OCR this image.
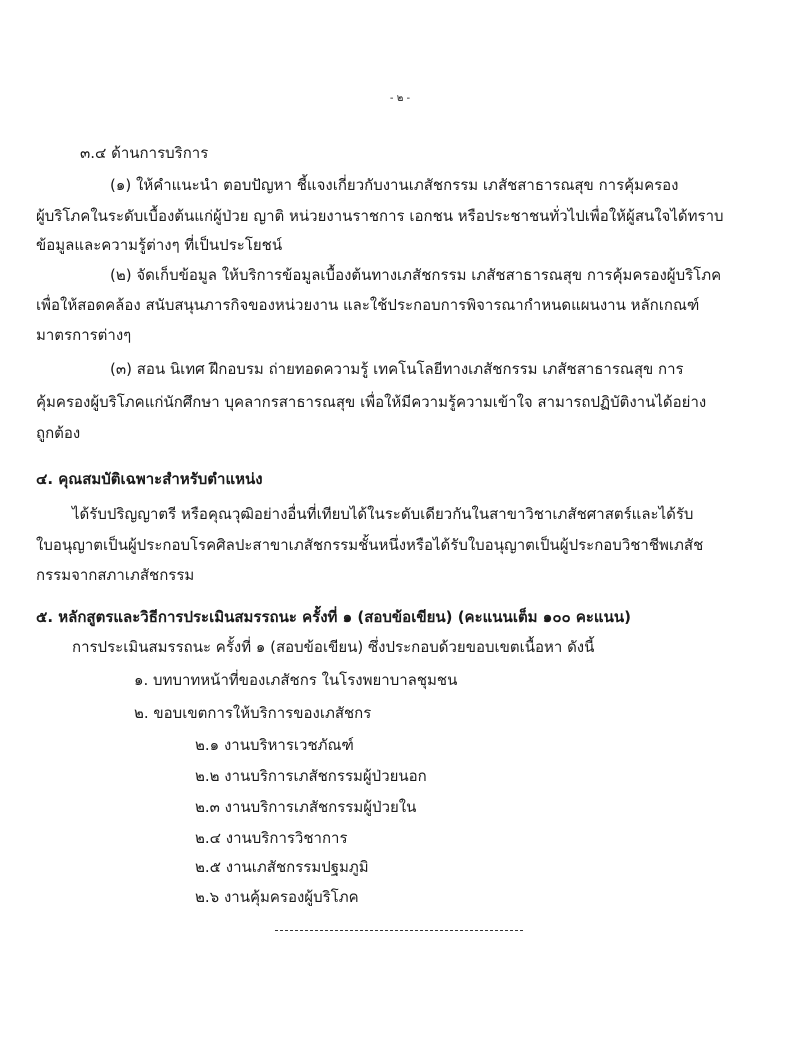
- ๒ -
๓.๔ ด้านการบริการ
(๑) ให้คำแนะนำ ตอบปัญหา ชี้แจงเกี่ยวกับงานเภสัชกรรม เภสัชสาธารณสุข การคุ้มครอง
ผู้บริโภคในระดับเบื้องต้นแก่ผู้ป่วย ญาติ หน่วยงานราชการ เอกชน หรือประชาชนทั่วไปเพื่อให้ผู้สนใจได้ทราบ
ข้อมูลและความรู้ต่างๆ ที่เป็นประโยชน์
(๒) จัดเก็บข้อมูล ให้บริการข้อมูลเบื้องต้นทางเภสัชกรรม เภสัชสาธารณสุข การคุ้มครองผู้บริโภค
เพื่อให้สอดคล้อง สนับสนุนภารกิจของหน่วยงาน และใช้ประกอบการพิจารณากำหนดแผนงาน หลักเกณฑ์
มาตรการต่างๆ
(๓) สอน นิเทศ ฝึกอบรม ถ่ายทอดความรู้ เทคโนโลยีทางเภสัชกรรม เภสัชสาธารณสุข การ
คุ้มครองผู้บริโภคแก่นักศึกษา บุคลากรสาธารณสุข เพื่อให้มีความรู้ความเข้าใจ สามารถปฏิบัติงานได้อย่าง
ถูกต้อง
๔. คุณสมบัติเฉพาะสำหรับตำแหน่ง
ได้รับปริญญาตรี หรือคุณวุฒิอย่างอื่นที่เทียบได้ในระดับเดียวกันในสาขาวิชาเภสัชศาสตร์และได้รับ
ใบอนุญาตเป็นผู้ประกอบโรคศิลปะสาขาเภสัชกรรมชั้นหนึ่งหรือได้รับใบอนุญาตเป็นผู้ประกอบวิชาชีพเภสัช
กรรมจากสภาเภสัชกรรม
๕. หลักสูตรและวิธีการประเมินสมรรถนะ ครั้งที่ ๑ (สอบข้อเขียน) (คะแนนเต็ม ๑๐๐ คะแนน)
การประเมินสมรรถนะ ครั้งที่ ๑ (สอบข้อเขียน) ซึ่งประกอบด้วยขอบเขตเนื้อหา ดังนี้
๑. บทบาทหน้าที่ของเภสัชกร ในโรงพยาบาลชุมชน
๒. ขอบเขตการให้บริการของเภสัชกร
๒.๑ งานบริหารเวชภัณฑ์
๒.๒ งานบริการเภสัชกรรมผู้ป่วยนอก
๒.๓ งานบริการเภสัชกรรมผู้ป่วยใน
๒.๔ งานบริการวิชาการ
๒.๕ งานเภสัชกรรมปฐมภูมิ
๒.๖ งานคุ้มครองผู้บริโภค
